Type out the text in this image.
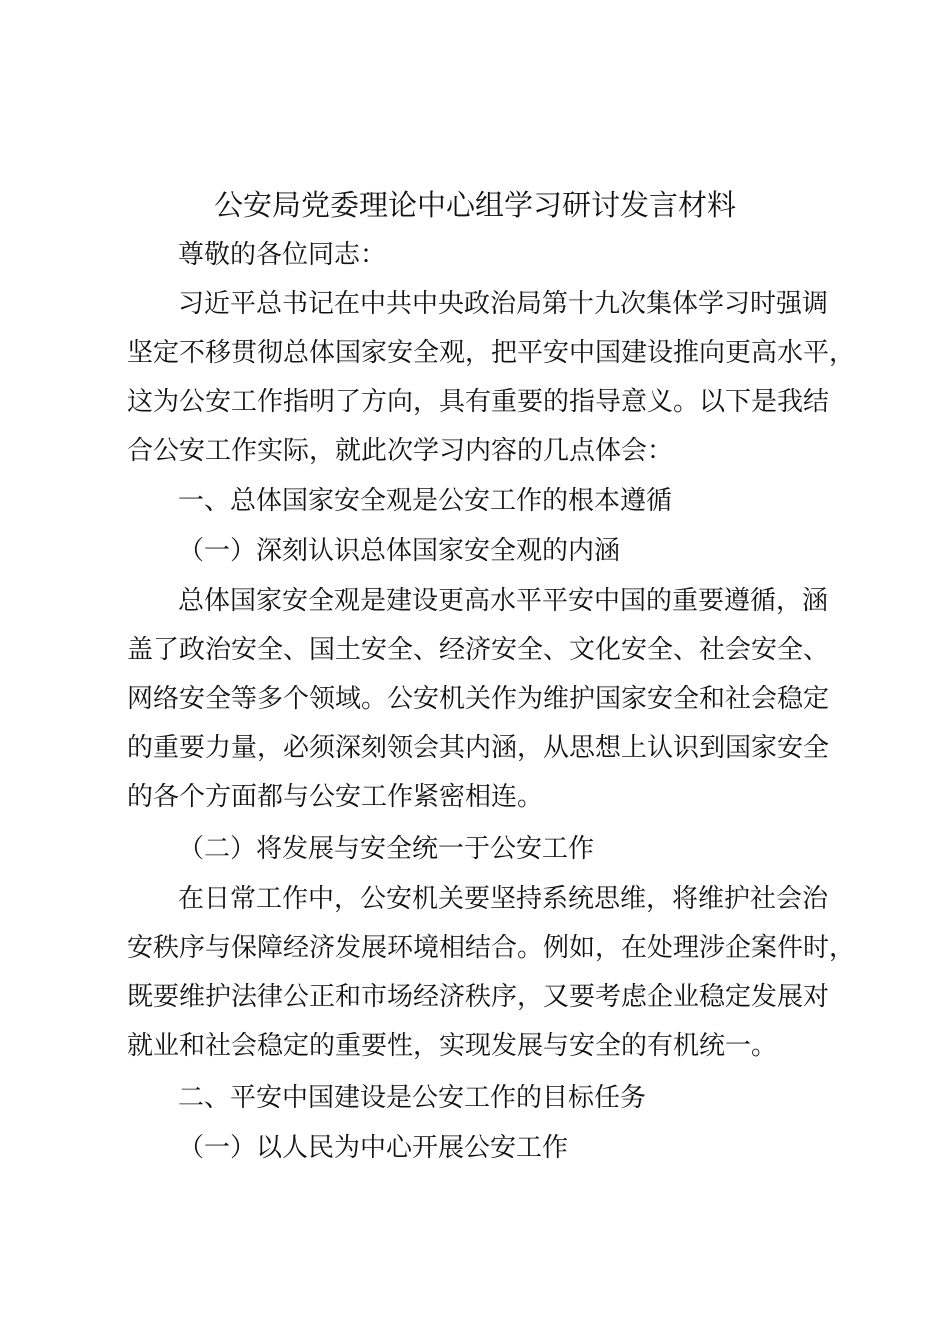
公安局党委理论中心组学习研讨发言材料
尊敬的各位同志：
习近平总书记在中共中央政治局第十九次集体学习时强调
坚定不移贯彻总体国家安全观，把平安中国建设推向更高水平，
这为公安工作指明了方向，具有重要的指导意义。以下是我结
合公安工作实际，就此次学习内容的几点体会：
一、总体国家安全观是公安工作的根本遵循
（一）深刻认识总体国家安全观的内涵
总体国家安全观是建设更高水平平安中国的重要遵循，涵
盖了政治安全、国土安全、经济安全、文化安全、社会安全、
网络安全等多个领域。公安机关作为维护国家安全和社会稳定
的重要力量，必须深刻领会其内涵，从思想上认识到国家安全
的各个方面都与公安工作紧密相连。
（二）将发展与安全统一于公安工作
在日常工作中，公安机关要坚持系统思维，将维护社会治
安秩序与保障经济发展环境相结合。例如，在处理涉企案件时，
既要维护法律公正和市场经济秩序，又要考虑企业稳定发展对
就业和社会稳定的重要性，实现发展与安全的有机统一。
二、平安中国建设是公安工作的目标任务
（一）以人民为中心开展公安工作
